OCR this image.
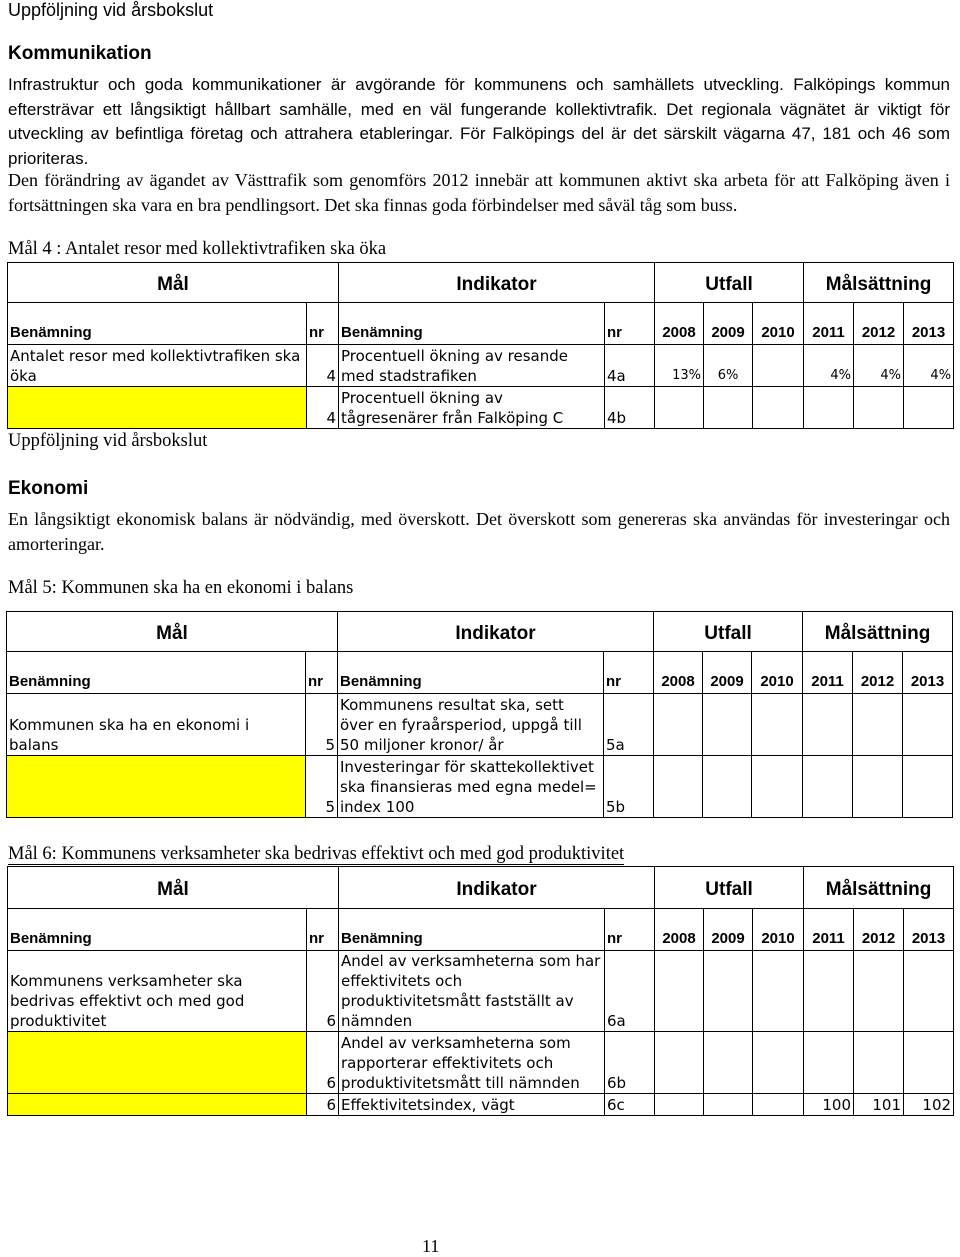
Uppföljning vid årsbokslut
Kommunikation

Infrastruktur och goda kommunikationer är avgörande för kommunens och samhällets utveckling. Falköpings kommun eftersträvar ett långsiktigt hållbart samhälle, med en väl fungerande kollektivtrafik. Det regionala vägnätet är viktigt för utveckling av befintliga företag och attrahera etableringar. För Falköpings del är det särskilt vägarna 47, 181 och 46 som prioriteras.

Den förändring av ägandet av Västtrafik som genomförs 2012 innebär att kommunen aktivt ska arbeta för att Falköping även i fortsättningen ska vara en bra pendlingsort. Det ska finnas goda förbindelser med såväl tåg som buss.

Mål 4 : Antalet resor med kollektivtrafiken ska öka
Mål		Indikator		Utfall			Målsättning		
Benämning	nr	Benämning	nr	2008	2009	2010	2011	2012	2013
Antalet resor med kollektivtrafiken ska öka	4	Procentuell ökning av resande med stadstrafiken	4a	13%	6%		4%	4%	4%
	4	Procentuell ökning av tågresenärer från Falköping C	4b						
Uppföljning vid årsbokslut
Ekonomi

En långsiktigt ekonomisk balans är nödvändig, med överskott. Det överskott som genereras ska användas för investeringar och amorteringar.

Mål 5: Kommunen ska ha en ekonomi i balans
Mål		Indikator		Utfall			Målsättning		
Benämning	nr	Benämning	nr	2008	2009	2010	2011	2012	2013
Kommunen ska ha en ekonomi i balans	5	Kommunens resultat ska, sett över en fyraårsperiod, uppgå till 50 miljoner kronor/ år	5a						
	5	Investeringar för skattekollektivet ska finansieras med egna medel= index 100	5b						
Mål 6: Kommunens verksamheter ska bedrivas effektivt och med god produktivitet
Mål		Indikator		Utfall			Målsättning		
Benämning	nr	Benämning	nr	2008	2009	2010	2011	2012	2013
Kommunens verksamheter ska bedrivas effektivt och med god produktivitet	6	Andel av verksamheterna som har effektivitets och produktivitetsmått fastställt av nämnden	6a						
	6	Andel av verksamheterna som rapporterar effektivitets och produktivitetsmått till nämnden	6b						
	6	Effektivitetsindex, vägt	6c				100	101	102
11
